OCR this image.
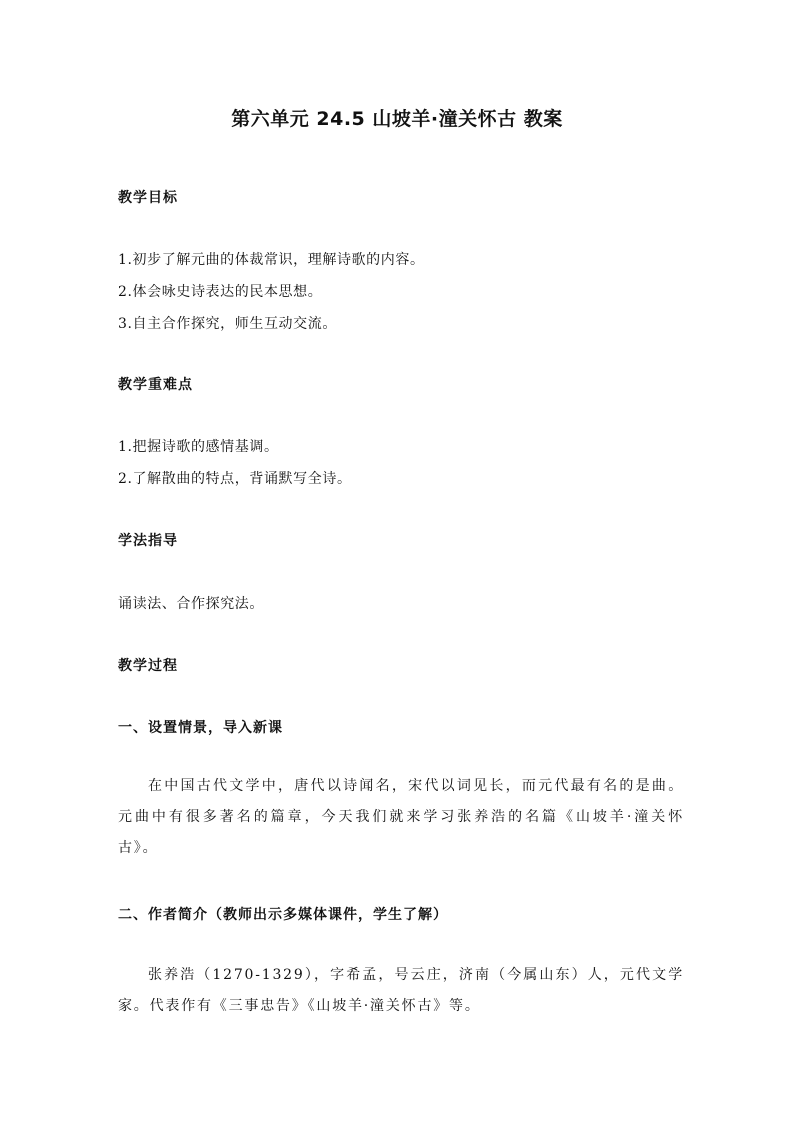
第六单元 24.5 山坡羊·潼关怀古 教案
教学目标
1.初步了解元曲的体裁常识，理解诗歌的内容。
2.体会咏史诗表达的民本思想。
3.自主合作探究，师生互动交流。
教学重难点
1.把握诗歌的感情基调。
2.了解散曲的特点，背诵默写全诗。
学法指导
诵读法、合作探究法。
教学过程
一、设置情景，导入新课
在中国古代文学中，唐代以诗闻名，宋代以词见长，而元代最有名的是曲。元曲中有很多著名的篇章，今天我们就来学习张养浩的名篇《山坡羊·潼关怀古》。
二、作者简介（教师出示多媒体课件，学生了解）
张养浩（1270-1329），字希孟，号云庄，济南（今属山东）人，元代文学家。代表作有《三事忠告》《山坡羊·潼关怀古》等。
